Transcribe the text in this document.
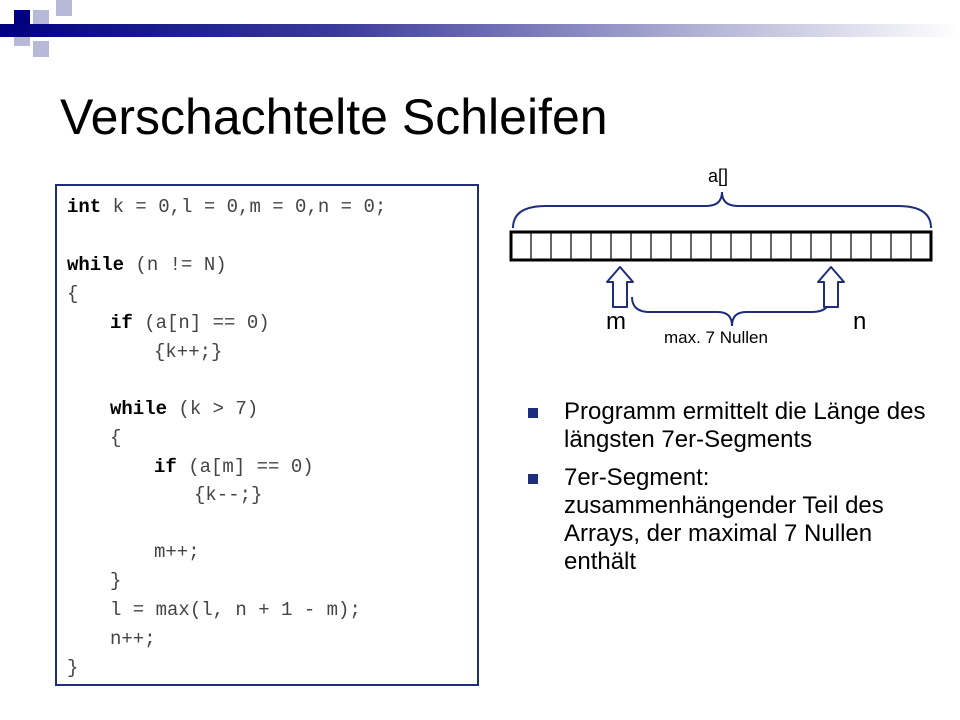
Verschachtelte Schleifen
int k = 0,l = 0,m = 0,n = 0;
while (n != N)
{
if (a[n] == 0)
{k++;}
while (k > 7)
{
if (a[m] == 0)
{k--;}
m++;
}
l = max(l, n + 1 - m);
n++;
}
a[]
m	n
max. 7 Nullen
Programm ermittelt die Länge des längsten 7er-Segments
7er-Segment: zusammenhängender Teil des Arrays, der maximal 7 Nullen enthält
